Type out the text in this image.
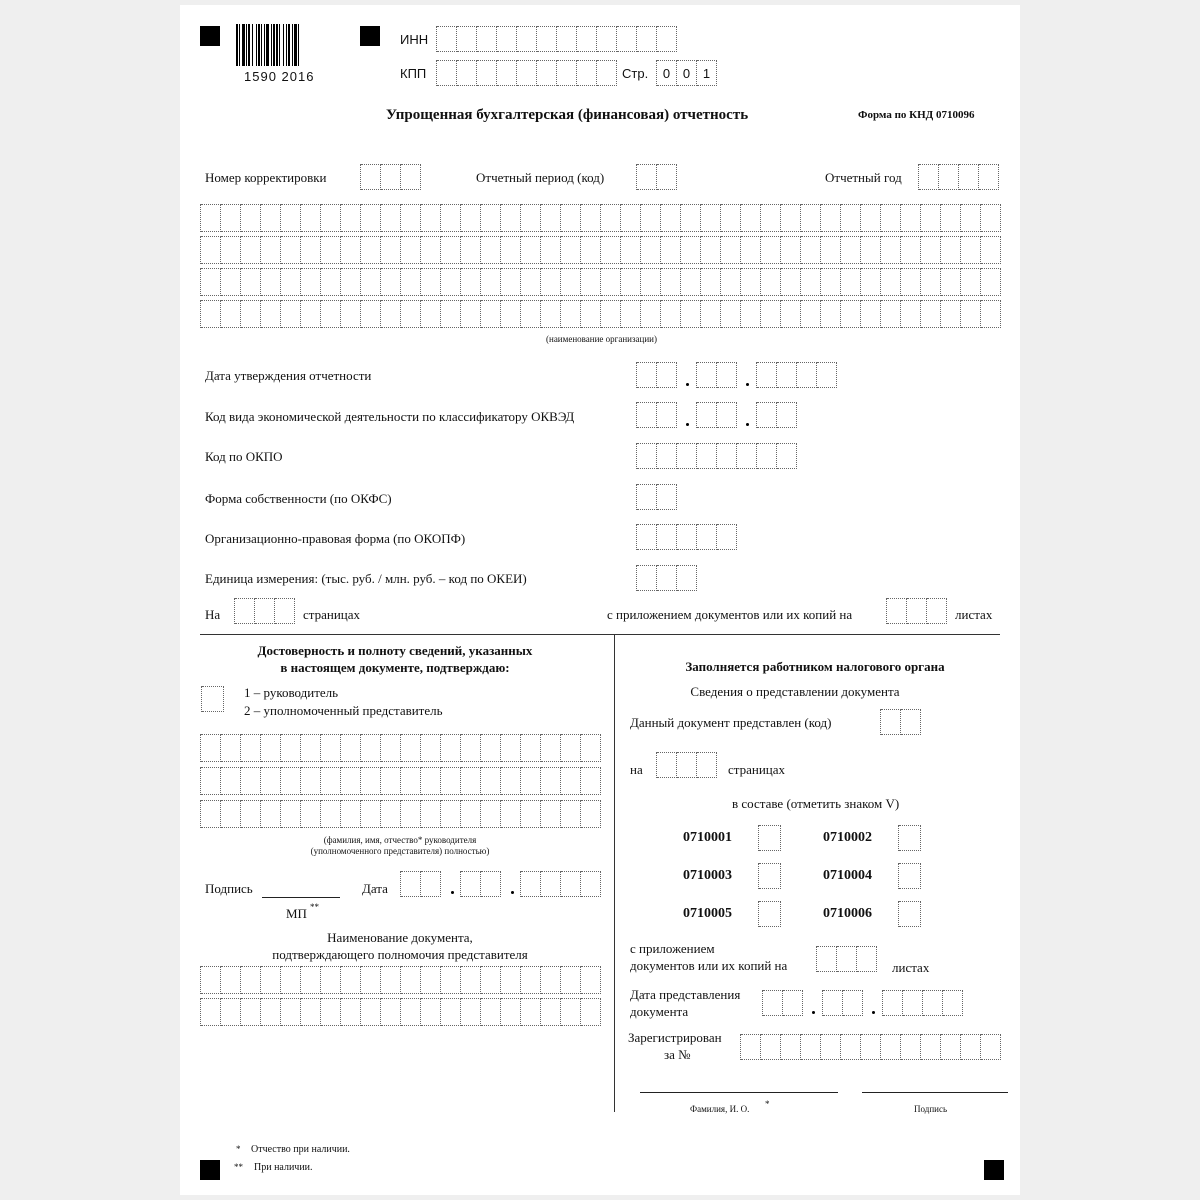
1590 2016
ИНН
КПП	Стр.	0 0 1
Упрощенная бухгалтерская (финансовая) отчетность	Форма по КНД 0710096
Номер корректировки	Отчетный период (код)	Отчетный год
(наименование организации)
Дата утверждения отчетности
Код вида экономической деятельности по классификатору ОКВЭД
Код по ОКПО
Форма собственности (по ОКФС)
Организационно-правовая форма (по ОКОПФ)
Единица измерения: (тыс. руб. / млн. руб. – код по ОКЕИ)
На	страницах	с приложением документов или их копий на	листах
Достоверность и полноту сведений, указанных
в настоящем документе, подтверждаю:
1 – руководитель
2 – уполномоченный представитель
(фамилия, имя, отчество* руководителя
(уполномоченного представителя) полностью)
Подпись	Дата
МП **
Наименование документа,
подтверждающего полномочия представителя
Заполняется работником налогового органа
Сведения о представлении документа
Данный документ представлен (код)
на	страницах
в составе (отметить знаком V)
0710001	0710002
0710003	0710004
0710005	0710006
с приложением
документов или их копий на	листах
Дата представления
документа
Зарегистрирован
за №
Фамилия, И. О. *	Подпись
* Отчество при наличии.
** При наличии.
